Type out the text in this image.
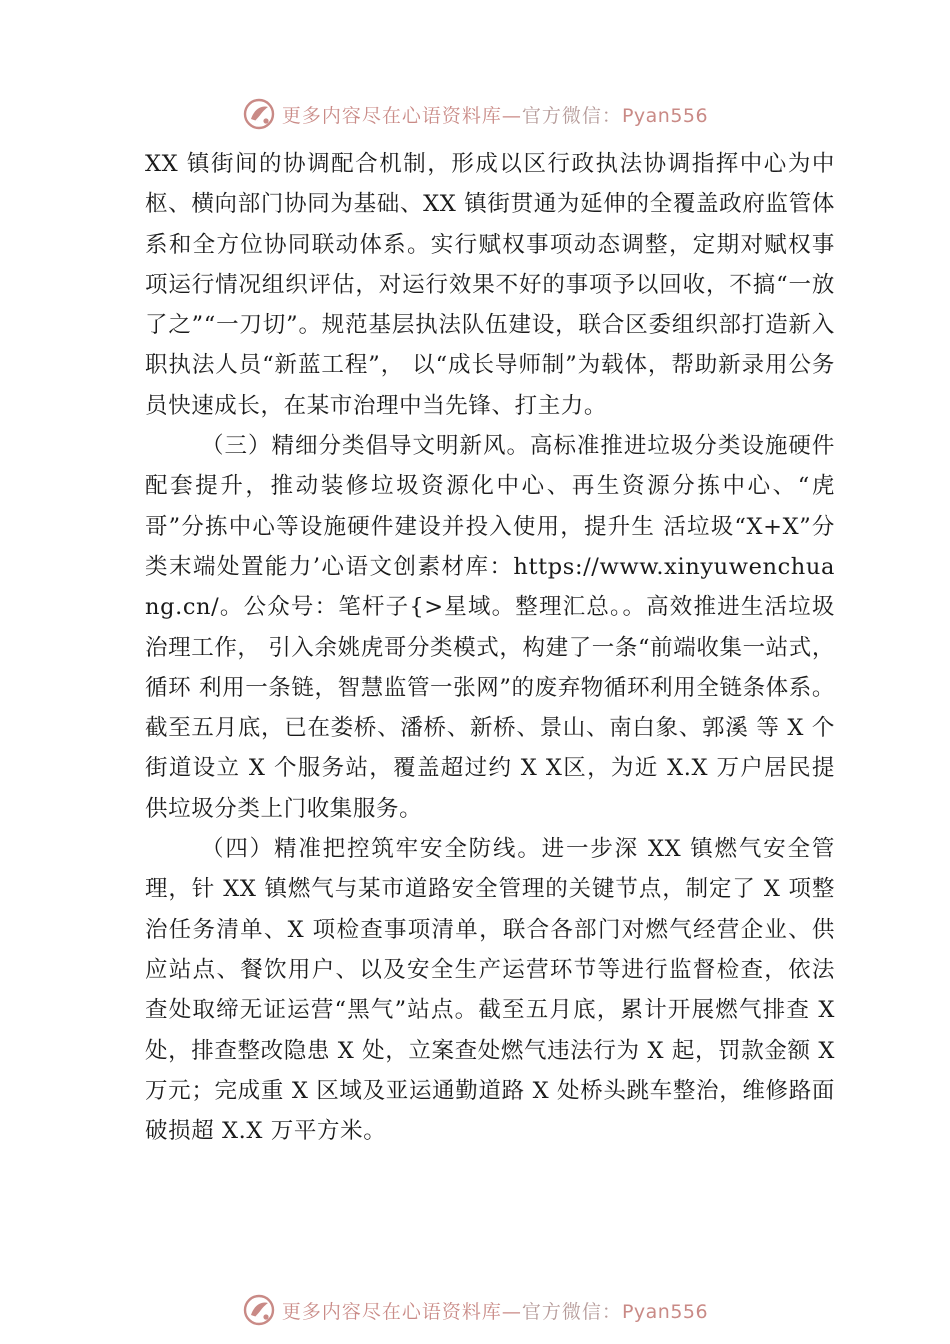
更多内容尽在心语资料库—官方微信：Pyan556

XX 镇街间的协调配合机制，形成以区行政执法协调指挥中心为中枢、横向部门协同为基础、XX 镇街贯通为延伸的全覆盖政府监管体系和全方位协同联动体系。实行赋权事项动态调整，定期对赋权事项运行情况组织评估，对运行效果不好的事项予以回收，不搞“一放了之”“一刀切”。规范基层执法队伍建设，联合区委组织部打造新入职执法人员“新蓝工程”， 以“成长导师制”为载体，帮助新录用公务员快速成长，在某市治理中当先锋、打主力。

（三）精细分类倡导文明新风。高标准推进垃圾分类设施硬件配套提升，推动装修垃圾资源化中心、再生资源分拣中心、“虎哥”分拣中心等设施硬件建设并投入使用，提升生 活垃圾“X+X”分类末端处置能力’心语文创素材库：https://www.xinyuwenchuang.cn/。公众号：笔杆子{>星域。整理汇总。。高效推进生活垃圾治理工作， 引入余姚虎哥分类模式，构建了一条“前端收集一站式，循环 利用一条链，智慧监管一张网”的废弃物循环利用全链条体系。截至五月底，已在娄桥、潘桥、新桥、景山、南白象、郭溪 等 X 个街道设立 X 个服务站，覆盖超过约 X X区，为近 X.X 万户居民提供垃圾分类上门收集服务。

（四）精准把控筑牢安全防线。进一步深 XX 镇燃气安全管理，针 XX 镇燃气与某市道路安全管理的关键节点，制定了 X 项整治任务清单、X 项检查事项清单，联合各部门对燃气经营企业、供应站点、餐饮用户、以及安全生产运营环节等进行监督检查，依法查处取缔无证运营“黑气”站点。截至五月底，累计开展燃气排查 X 处，排查整改隐患 X 处，立案查处燃气违法行为 X 起，罚款金额 X 万元；完成重 X 区域及亚运通勤道路 X 处桥头跳车整治，维修路面破损超 X.X 万平方米。

更多内容尽在心语资料库—官方微信：Pyan556
